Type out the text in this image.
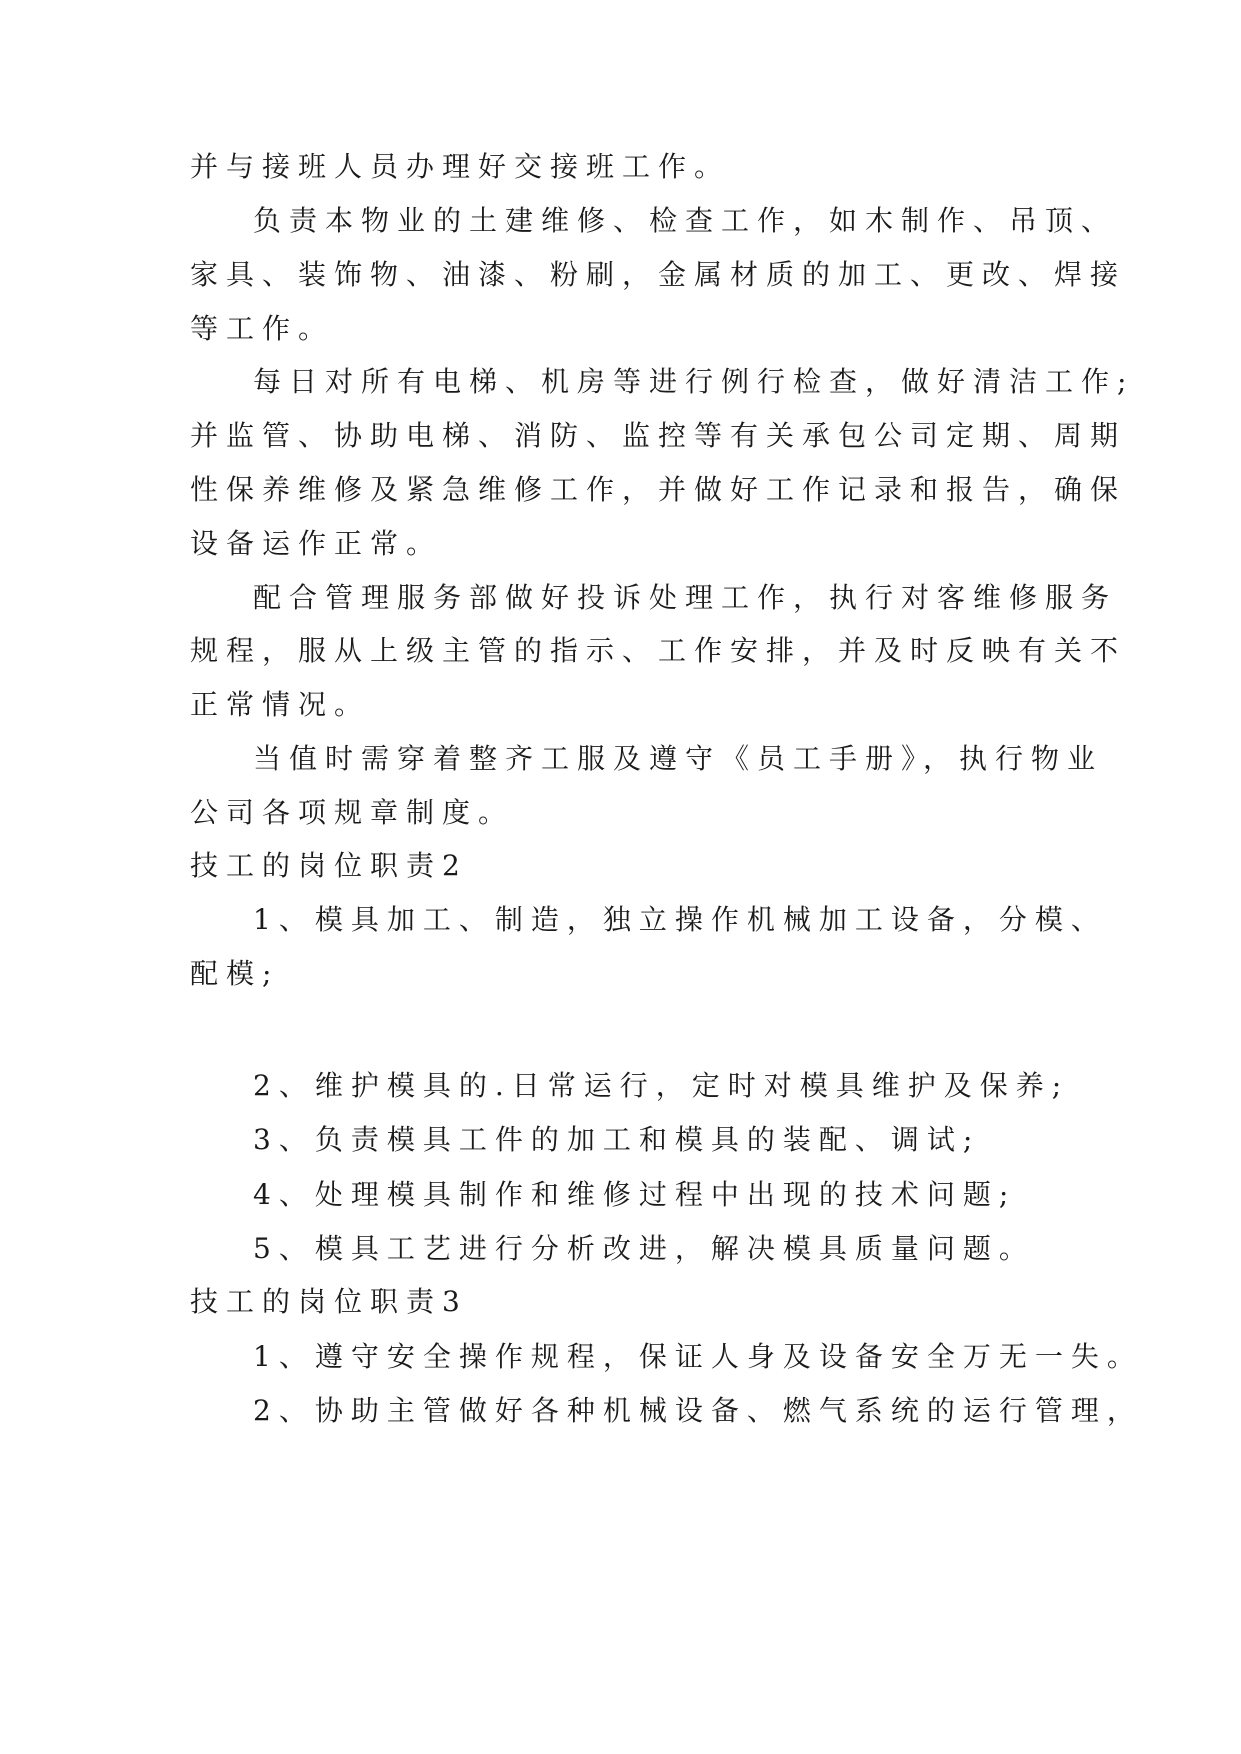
并与接班人员办理好交接班工作。
负责本物业的土建维修、检查工作，如木制作、吊顶、
家具、装饰物、油漆、粉刷，金属材质的加工、更改、焊接
等工作。
每日对所有电梯、机房等进行例行检查，做好清洁工作;
并监管、协助电梯、消防、监控等有关承包公司定期、周期
性保养维修及紧急维修工作，并做好工作记录和报告，确保
设备运作正常。
配合管理服务部做好投诉处理工作，执行对客维修服务
规程，服从上级主管的指示、工作安排，并及时反映有关不
正常情况。
当值时需穿着整齐工服及遵守《员工手册》，执行物业
公司各项规章制度。
技工的岗位职责2
1、模具加工、制造，独立操作机械加工设备，分模、
配模;
2、维护模具的.日常运行，定时对模具维护及保养;
3、负责模具工件的加工和模具的装配、调试;
4、处理模具制作和维修过程中出现的技术问题;
5、模具工艺进行分析改进，解决模具质量问题。
技工的岗位职责3
1、遵守安全操作规程，保证人身及设备安全万无一失。
2、协助主管做好各种机械设备、燃气系统的运行管理，
